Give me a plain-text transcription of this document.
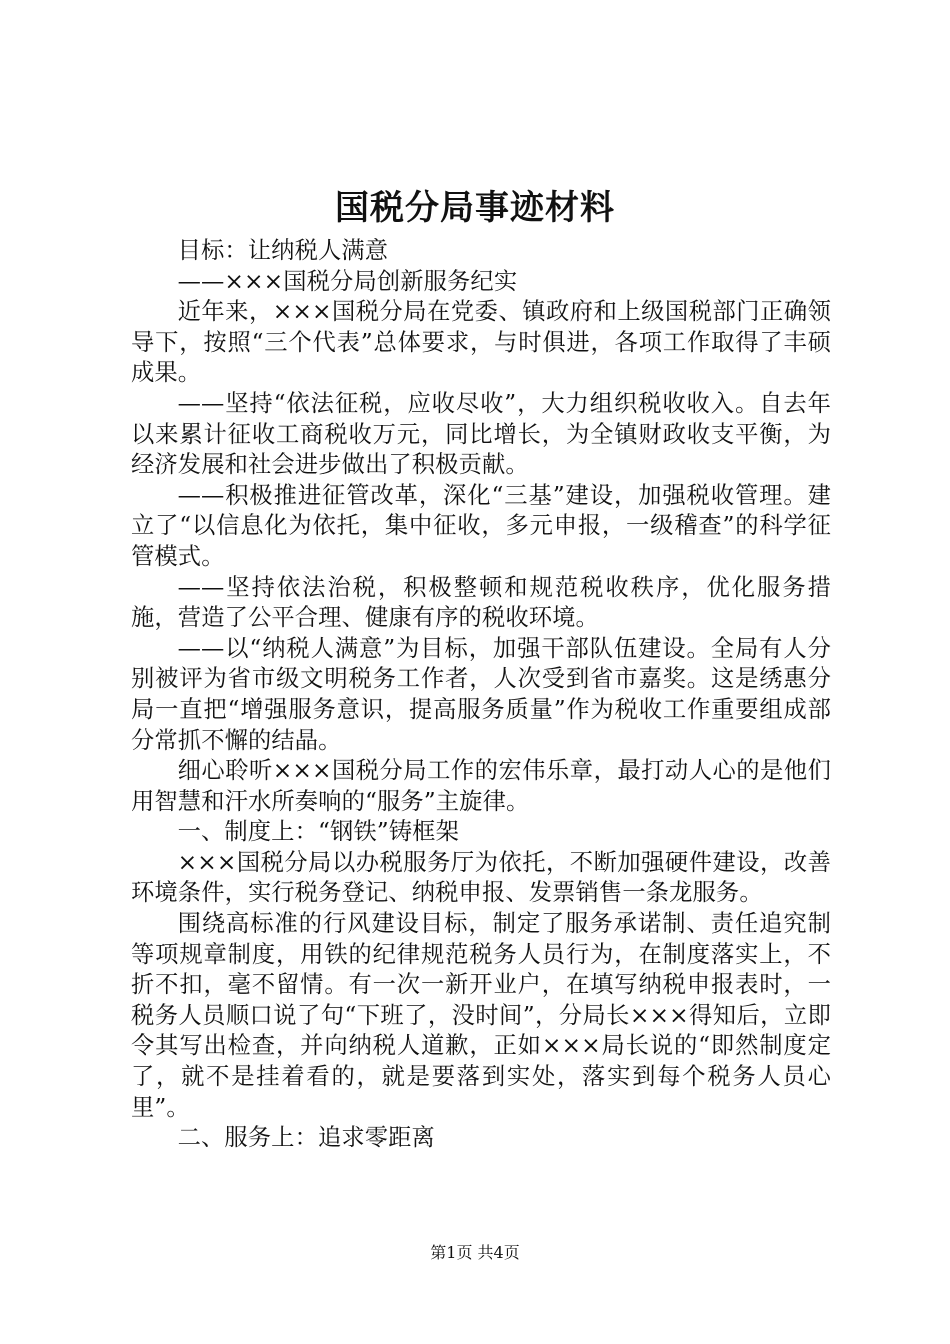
国税分局事迹材料

目标：让纳税人满意

——×××国税分局创新服务纪实

近年来，×××国税分局在党委、镇政府和上级国税部门正确领导下，按照“三个代表”总体要求，与时俱进，各项工作取得了丰硕成果。

——坚持“依法征税，应收尽收”，大力组织税收收入。自去年以来累计征收工商税收万元，同比增长，为全镇财政收支平衡，为经济发展和社会进步做出了积极贡献。

——积极推进征管改革，深化“三基”建设，加强税收管理。建立了“以信息化为依托，集中征收，多元申报，一级稽查”的科学征管模式。

——坚持依法治税，积极整顿和规范税收秩序，优化服务措施，营造了公平合理、健康有序的税收环境。

——以“纳税人满意”为目标，加强干部队伍建设。全局有人分别被评为省市级文明税务工作者，人次受到省市嘉奖。这是绣惠分局一直把“增强服务意识，提高服务质量”作为税收工作重要组成部分常抓不懈的结晶。

细心聆听×××国税分局工作的宏伟乐章，最打动人心的是他们用智慧和汗水所奏响的“服务”主旋律。

一、制度上：“钢铁”铸框架

×××国税分局以办税服务厅为依托，不断加强硬件建设，改善环境条件，实行税务登记、纳税申报、发票销售一条龙服务。

围绕高标准的行风建设目标，制定了服务承诺制、责任追究制等项规章制度，用铁的纪律规范税务人员行为，在制度落实上，不折不扣，毫不留情。有一次一新开业户，在填写纳税申报表时，一税务人员顺口说了句“下班了，没时间”，分局长×××得知后，立即令其写出检查，并向纳税人道歉，正如×××局长说的“即然制度定了，就不是挂着看的，就是要落到实处，落实到每个税务人员心里”。

二、服务上：追求零距离

第1页 共4页
